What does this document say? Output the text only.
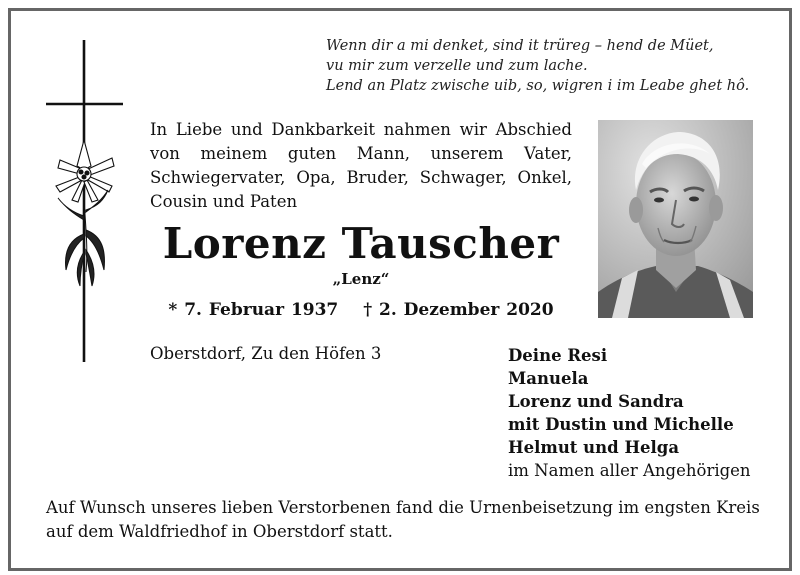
Wenn dir a mi denket, sind it trüreg – hend de Müet,
vu mir zum verzelle und zum lache.
Lend an Platz zwische uib, so, wigren i im Leabe ghet hô.
In Liebe und Dankbarkeit nahmen wir Abschied
von meinem guten Mann, unserem Vater,
Schwiegervater, Opa, Bruder, Schwager, Onkel,
Cousin und Paten
Lorenz Tauscher
„Lenz“
* 7. Februar 1937 † 2. Dezember 2020
Oberstdorf, Zu den Höfen 3	Deine Resi
Manuela
Lorenz und Sandra
mit Dustin und Michelle
Helmut und Helga
im Namen aller Angehörigen
Auf Wunsch unseres lieben Verstorbenen fand die Urnenbeisetzung im engsten Kreis
auf dem Waldfriedhof in Oberstdorf statt.
